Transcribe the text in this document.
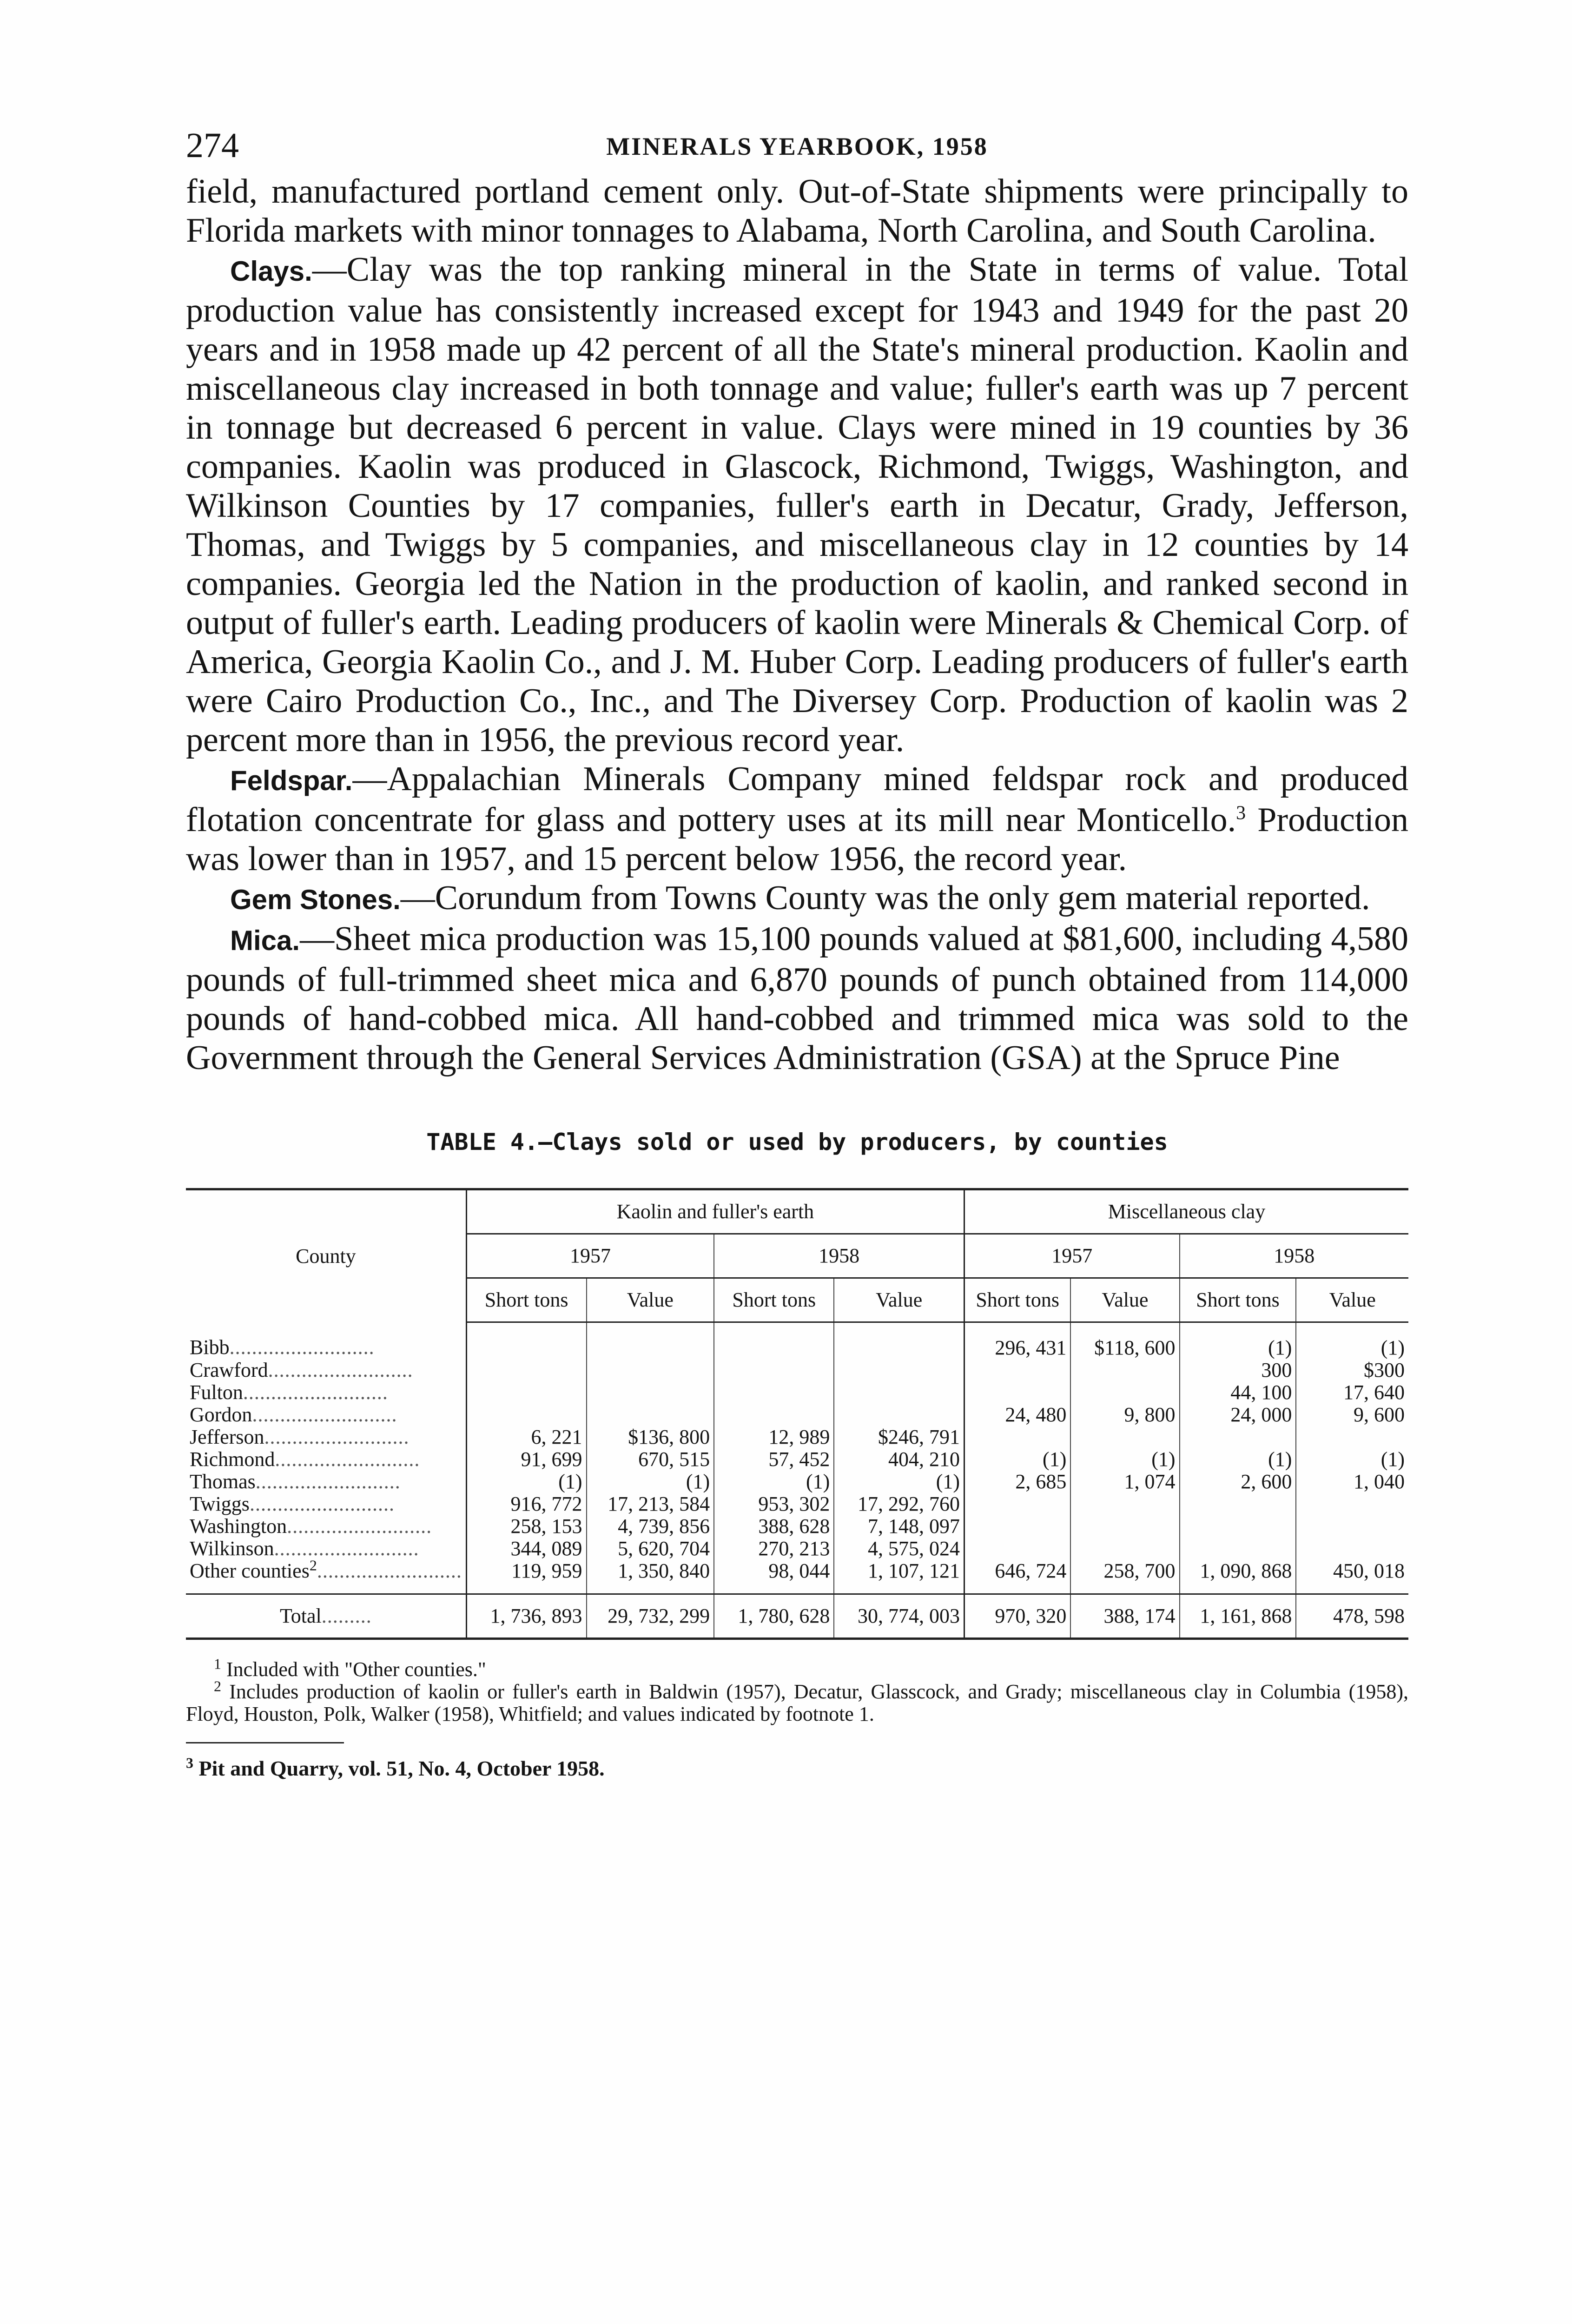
274	MINERALS YEARBOOK, 1958

field, manufactured portland cement only. Out-of-State shipments were principally to Florida markets with minor tonnages to Alabama, North Carolina, and South Carolina.

Clays.—Clay was the top ranking mineral in the State in terms of value. Total production value has consistently increased except for 1943 and 1949 for the past 20 years and in 1958 made up 42 percent of all the State's mineral production. Kaolin and miscellaneous clay increased in both tonnage and value; fuller's earth was up 7 percent in tonnage but decreased 6 percent in value. Clays were mined in 19 counties by 36 companies. Kaolin was produced in Glascock, Richmond, Twiggs, Washington, and Wilkinson Counties by 17 companies, fuller's earth in Decatur, Grady, Jefferson, Thomas, and Twiggs by 5 companies, and miscellaneous clay in 12 counties by 14 companies. Georgia led the Nation in the production of kaolin, and ranked second in output of fuller's earth. Leading producers of kaolin were Minerals & Chemical Corp. of America, Georgia Kaolin Co., and J. M. Huber Corp. Leading producers of fuller's earth were Cairo Production Co., Inc., and The Diversey Corp. Production of kaolin was 2 percent more than in 1956, the previous record year.

Feldspar.—Appalachian Minerals Company mined feldspar rock and produced flotation concentrate for glass and pottery uses at its mill near Monticello.$^3$ Production was lower than in 1957, and 15 percent below 1956, the record year.

Gem Stones.—Corundum from Towns County was the only gem material reported.

Mica.—Sheet mica production was 15,100 pounds valued at $81,600, including 4,580 pounds of full-trimmed sheet mica and 6,870 pounds of punch obtained from 114,000 pounds of hand-cobbed mica. All hand-cobbed and trimmed mica was sold to the Government through the General Services Administration (GSA) at the Spruce Pine

TABLE 4.—Clays sold or used by producers, by counties
County	Kaolin and fuller's earth				Miscellaneous clay			
	1957		1958		1957		1958	
	Short tons	Value	Short tons	Value	Short tons	Value	Short tons	Value
Bibb..........................					296, 431	$118, 600	(1)	(1)
Crawford..........................							300	$300
Fulton..........................							44, 100	17, 640
Gordon..........................					24, 480	9, 800	24, 000	9, 600
Jefferson..........................	6, 221	$136, 800	12, 989	$246, 791				
Richmond..........................	91, 699	670, 515	57, 452	404, 210	(1)	(1)	(1)	(1)
Thomas..........................	(1)	(1)	(1)	(1)	2, 685	1, 074	2, 600	1, 040
Twiggs..........................	916, 772	17, 213, 584	953, 302	17, 292, 760				
Washington..........................	258, 153	4, 739, 856	388, 628	7, 148, 097				
Wilkinson..........................	344, 089	5, 620, 704	270, 213	4, 575, 024				
Other counties$^2$..........................	119, 959	1, 350, 840	98, 044	1, 107, 121	646, 724	258, 700	1, 090, 868	450, 018
Total.........	1, 736, 893	29, 732, 299	1, 780, 628	30, 774, 003	970, 320	388, 174	1, 161, 868	478, 598

$^1$ Included with "Other counties."

$^2$ Includes production of kaolin or fuller's earth in Baldwin (1957), Decatur, Glasscock, and Grady; miscellaneous clay in Columbia (1958), Floyd, Houston, Polk, Walker (1958), Whitfield; and values indicated by footnote 1.

$^3$ Pit and Quarry, vol. 51, No. 4, October 1958.
